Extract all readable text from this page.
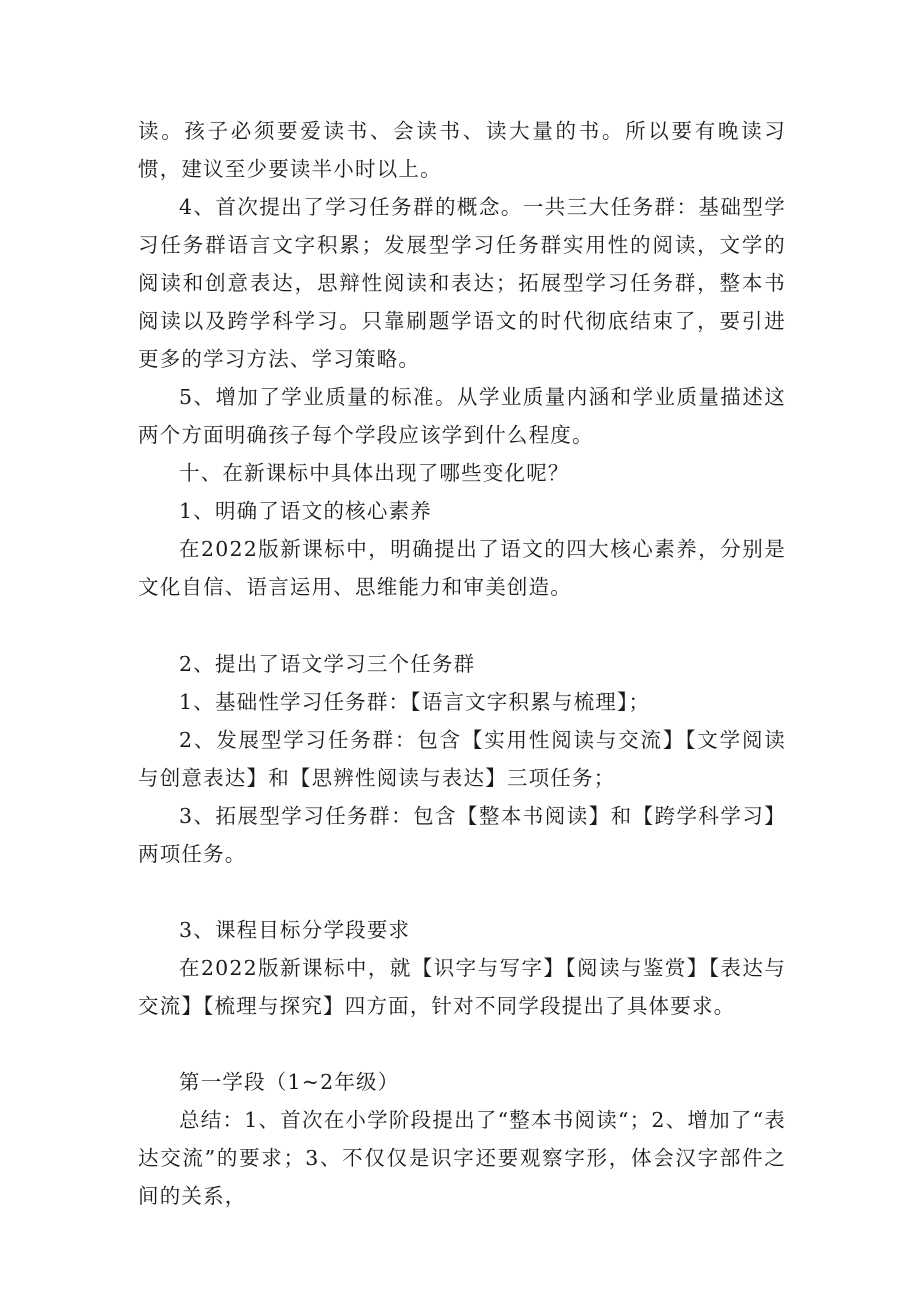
读。孩子必须要爱读书、会读书、读大量的书。所以要有晚读习惯，建议至少要读半小时以上。

4、首次提出了学习任务群的概念。一共三大任务群：基础型学习任务群语言文字积累；发展型学习任务群实用性的阅读，文学的阅读和创意表达，思辩性阅读和表达；拓展型学习任务群，整本书阅读以及跨学科学习。只靠刷题学语文的时代彻底结束了，要引进更多的学习方法、学习策略。

5、增加了学业质量的标准。从学业质量内涵和学业质量描述这两个方面明确孩子每个学段应该学到什么程度。

十、在新课标中具体出现了哪些变化呢？

1、明确了语文的核心素养

在2022版新课标中，明确提出了语文的四大核心素养，分别是文化自信、语言运用、思维能力和审美创造。

2、提出了语文学习三个任务群

1、基础性学习任务群：【语言文字积累与梳理】；

2、发展型学习任务群：包含【实用性阅读与交流】【文学阅读与创意表达】和【思辨性阅读与表达】三项任务；

3、拓展型学习任务群：包含【整本书阅读】和【跨学科学习】两项任务。

3、课程目标分学段要求

在2022版新课标中，就【识字与写字】【阅读与鉴赏】【表达与交流】【梳理与探究】四方面，针对不同学段提出了具体要求。

第一学段（1~2年级）

总结：1、首次在小学阶段提出了“整本书阅读“；2、增加了“表达交流”的要求；3、不仅仅是识字还要观察字形，体会汉字部件之间的关系，
